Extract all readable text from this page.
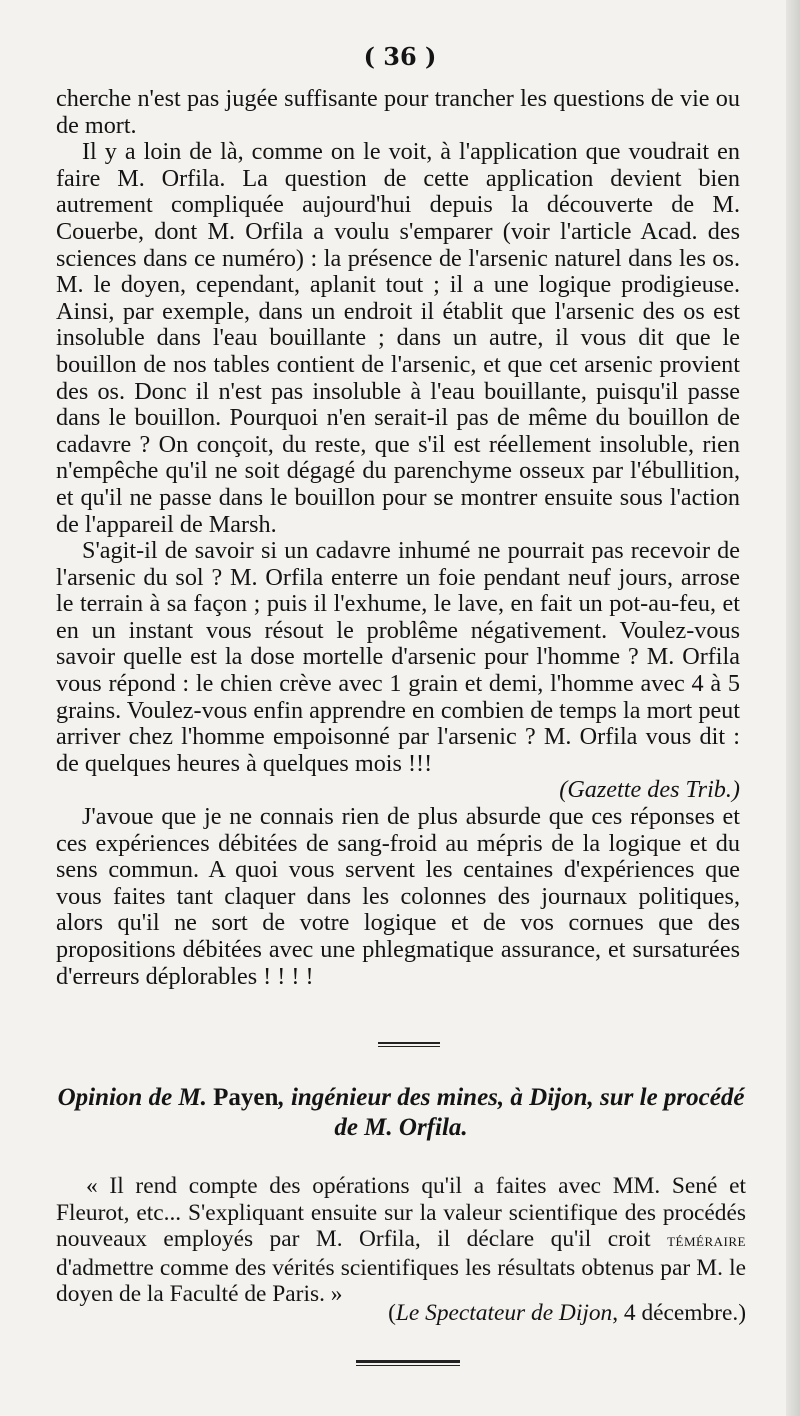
( 36 )

cherche n'est pas jugée suffisante pour trancher les questions de vie ou de mort.

Il y a loin de là, comme on le voit, à l'application que voudrait en faire M. Orfila. La question de cette application devient bien autrement compliquée aujourd'hui depuis la découverte de M. Couerbe, dont M. Orfila a voulu s'emparer (voir l'article Acad. des sciences dans ce numéro) : la présence de l'arsenic naturel dans les os. M. le doyen, cependant, aplanit tout ; il a une logique prodigieuse. Ainsi, par exemple, dans un endroit il établit que l'arsenic des os est insoluble dans l'eau bouillante ; dans un autre, il vous dit que le bouillon de nos tables contient de l'arsenic, et que cet arsenic provient des os. Donc il n'est pas insoluble à l'eau bouillante, puisqu'il passe dans le bouillon. Pourquoi n'en serait-il pas de même du bouillon de cadavre ? On conçoit, du reste, que s'il est réellement insoluble, rien n'empêche qu'il ne soit dégagé du parenchyme osseux par l'ébullition, et qu'il ne passe dans le bouillon pour se montrer ensuite sous l'action de l'appareil de Marsh.

S'agit-il de savoir si un cadavre inhumé ne pourrait pas recevoir de l'arsenic du sol ? M. Orfila enterre un foie pendant neuf jours, arrose le terrain à sa façon ; puis il l'exhume, le lave, en fait un pot-au-feu, et en un instant vous résout le problême négativement. Voulez-vous savoir quelle est la dose mortelle d'arsenic pour l'homme ? M. Orfila vous répond : le chien crève avec 1 grain et demi, l'homme avec 4 à 5 grains. Voulez-vous enfin apprendre en combien de temps la mort peut arriver chez l'homme empoisonné par l'arsenic ? M. Orfila vous dit : de quelques heures à quelques mois !!!

(Gazette des Trib.)

J'avoue que je ne connais rien de plus absurde que ces réponses et ces expériences débitées de sang-froid au mépris de la logique et du sens commun. A quoi vous servent les centaines d'expériences que vous faites tant claquer dans les colonnes des journaux politiques, alors qu'il ne sort de votre logique et de vos cornues que des propositions débitées avec une phlegmatique assurance, et sursaturées d'erreurs déplorables ! ! ! !

Opinion de M. Payen, ingénieur des mines, à Dijon, sur le procédé de M. Orfila.

« Il rend compte des opérations qu'il a faites avec MM. Sené et Fleurot, etc... S'expliquant ensuite sur la valeur scientifique des procédés nouveaux employés par M. Orfila, il déclare qu'il croit téméraire d'admettre comme des vérités scientifiques les résultats obtenus par M. le doyen de la Faculté de Paris. »

(Le Spectateur de Dijon, 4 décembre.)
